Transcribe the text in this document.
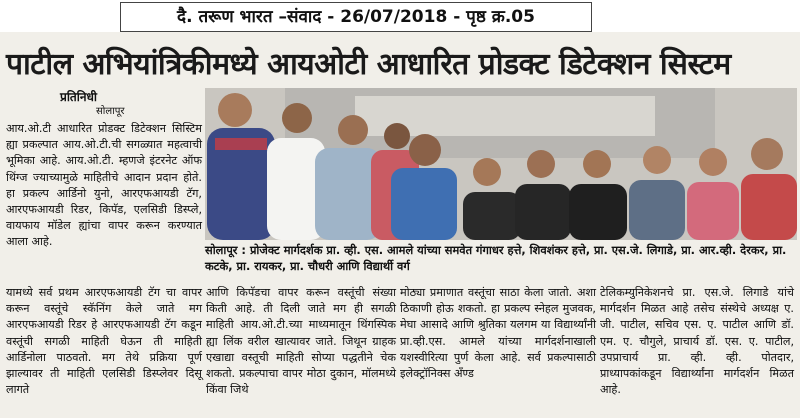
दै. तरूण भारत –संवाद - 26/07/2018 - पृष्ठ क्र.05
पाटील अभियांत्रिकीमध्ये आयओटी आधारित प्रोडक्ट डिटेक्शन सिस्टम
प्रतिनिधी
सोलापूर

आय.ओ.टी आधारित प्रोडक्ट डिटेक्शन सिस्टिम ह्या प्रकल्पात आय.ओ.टी.ची सगळ्यात महत्वाची भूमिका आहे. आय.ओ.टी. म्हणजे इंटरनेट ऑफ थिंग्ज ज्याच्यामुळे माहितीचे आदान प्रदान होते. हा प्रकल्प आर्डिनो युनो, आरएफआयडी टॅग, आरएफआयडी रिडर, किपॅड, एलसिडी डिस्प्ले, वायफाय मॉडेल ह्यांचा वापर करून करण्यात आला आहे.

सोलापूर : प्रोजेक्ट मार्गदर्शक प्रा. व्ही. एस. आमले यांच्या समवेत गंगाधर हत्ते, शिवशंकर हत्ते, प्रा. एस.जे. लिगाडे, प्रा. आर.व्ही. देरकर, प्रा. कटके, प्रा. रायकर, प्रा. चौधरी आणि विद्यार्थी वर्ग

यामध्ये सर्व प्रथम आरएफआयडी टॅग चा वापर करून वस्तूंचे स्कॅनिंग केले जाते मग आरएफआयडी रिडर हे आरएफआयडी टॅग कडून वस्तूंची सगळी माहिती घेऊन ती माहिती आर्डिनोला पाठवतो. मग तेथे प्रक्रिया पूर्ण झाल्यावर ती माहिती एलसिडी डिस्प्लेवर दिसू लागते

आणि किपॅडचा वापर करून वस्तूंची संख्या किती आहे. ती दिली जाते मग ही सगळी माहिती आय.ओ.टी.च्या माध्यमातून थिंगस्पिक ह्या लिंक वरील खात्यावर जाते. जिथून ग्राहक एखाद्या वस्तूची माहिती सोप्या पद्धतीने चेक शकतो. प्रकल्पाचा वापर मोठा दुकान, मॉलमध्ये किंवा जिथे

मोठ्या प्रमाणात वस्तूंचा साठा केला जातो. अशा ठिकाणी होऊ शकतो. हा प्रकल्प स्नेहल मुजवक, मेघा आसादे आणि श्रुतिका यलगम या विद्यार्थ्यांनी प्रा.व्ही.एस. आमले यांच्या मार्गदर्शनाखाली यशस्वीरित्या पुर्ण केला आहे. सर्व प्रकल्पासाठी इलेक्ट्रॉनिक्स अँण्ड

टेलिकम्युनिकेशनचे प्रा. एस.जे. लिगाडे यांचे मार्गदर्शन मिळत आहे तसेच संस्थेचे अध्यक्ष ए. जी. पाटील, सचिव एस. ए. पाटील आणि डॉ. एम. ए. चौगुले, प्राचार्य डॉ. एस. ए. पाटील, उपप्राचार्य प्रा. व्ही. व्ही. पोतदार, प्राध्यापकांकडून विद्यार्थ्यांना मार्गदर्शन मिळत आहे.
